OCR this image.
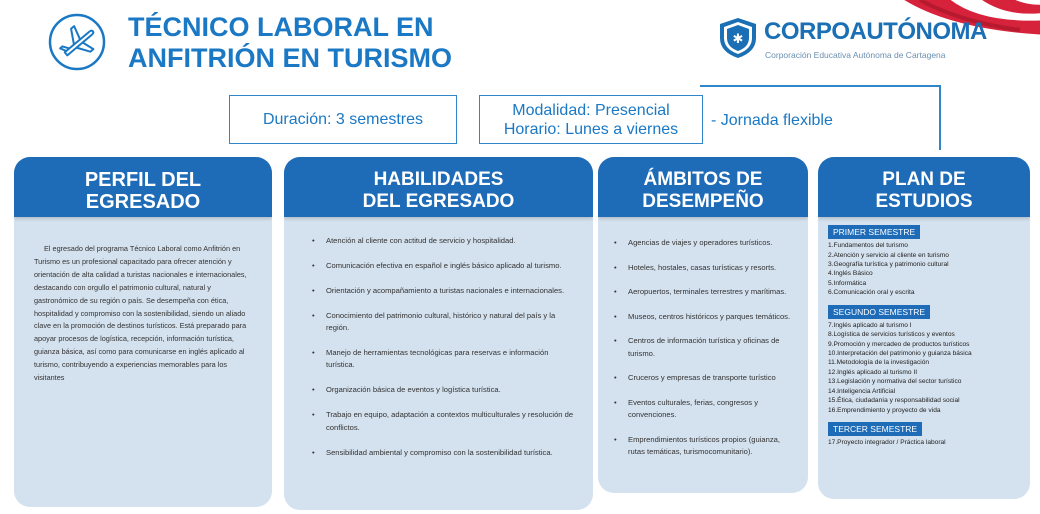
TÉCNICO LABORAL EN
ANFITRIÓN EN TURISMO
✱ CORPOAUTÓNOMA
Corporación Educativa Autónoma de Cartagena
Duración: 3 semestres
Modalidad: Presencial
Horario: Lunes a viernes - Jornada flexible
PERFIL DEL
EGRESADO
El egresado del programa Técnico Laboral como Anfitrión en Turismo es un profesional capacitado para ofrecer atención y orientación de alta calidad a turistas nacionales e internacionales, destacando con orgullo el patrimonio cultural, natural y gastronómico de su región o país. Se desempeña con ética, hospitalidad y compromiso con la sostenibilidad, siendo un aliado clave en la promoción de destinos turísticos. Está preparado para apoyar procesos de logística, recepción, información turística, guianza básica, así como para comunicarse en inglés aplicado al turismo, contribuyendo a experiencias memorables para los visitantes
HABILIDADES
DEL EGRESADO
• Atención al cliente con actitud de servicio y hospitalidad.
• Comunicación efectiva en español e inglés básico aplicado al turismo.
• Orientación y acompañamiento a turistas nacionales e internacionales.
• Conocimiento del patrimonio cultural, histórico y natural del país y la región.
• Manejo de herramientas tecnológicas para reservas e información turística.
• Organización básica de eventos y logística turística.
• Trabajo en equipo, adaptación a contextos multiculturales y resolución de conflictos.
• Sensibilidad ambiental y compromiso con la sostenibilidad turística.
ÁMBITOS DE
DESEMPEÑO
• Agencias de viajes y operadores turísticos.
• Hoteles, hostales, casas turísticas y resorts.
• Aeropuertos, terminales terrestres y marítimas.
• Museos, centros históricos y parques temáticos.
• Centros de información turística y oficinas de turismo.
• Cruceros y empresas de transporte turístico
• Eventos culturales, ferias, congresos y convenciones.
• Emprendimientos turísticos propios (guianza, rutas temáticas, turismocomunitario).
PLAN DE
ESTUDIOS
PRIMER SEMESTRE
1.Fundamentos del turismo
2.Atención y servicio al cliente en turismo
3.Geografía turística y patrimonio cultural
4.Inglés Básico
5.Informática
6.Comunicación oral y escrita
SEGUNDO SEMESTRE
7.Inglés aplicado al turismo I
8.Logística de servicios turísticos y eventos
9.Promoción y mercadeo de productos turísticos
10.Interpretación del patrimonio y guianza básica
11.Metodología de la investigación
12.Inglés aplicado al turismo II
13.Legislación y normativa del sector turístico
14.Inteligencia Artificial
15.Ética, ciudadanía y responsabilidad social
16.Emprendimiento y proyecto de vida
TERCER SEMESTRE
17.Proyecto integrador / Práctica laboral
